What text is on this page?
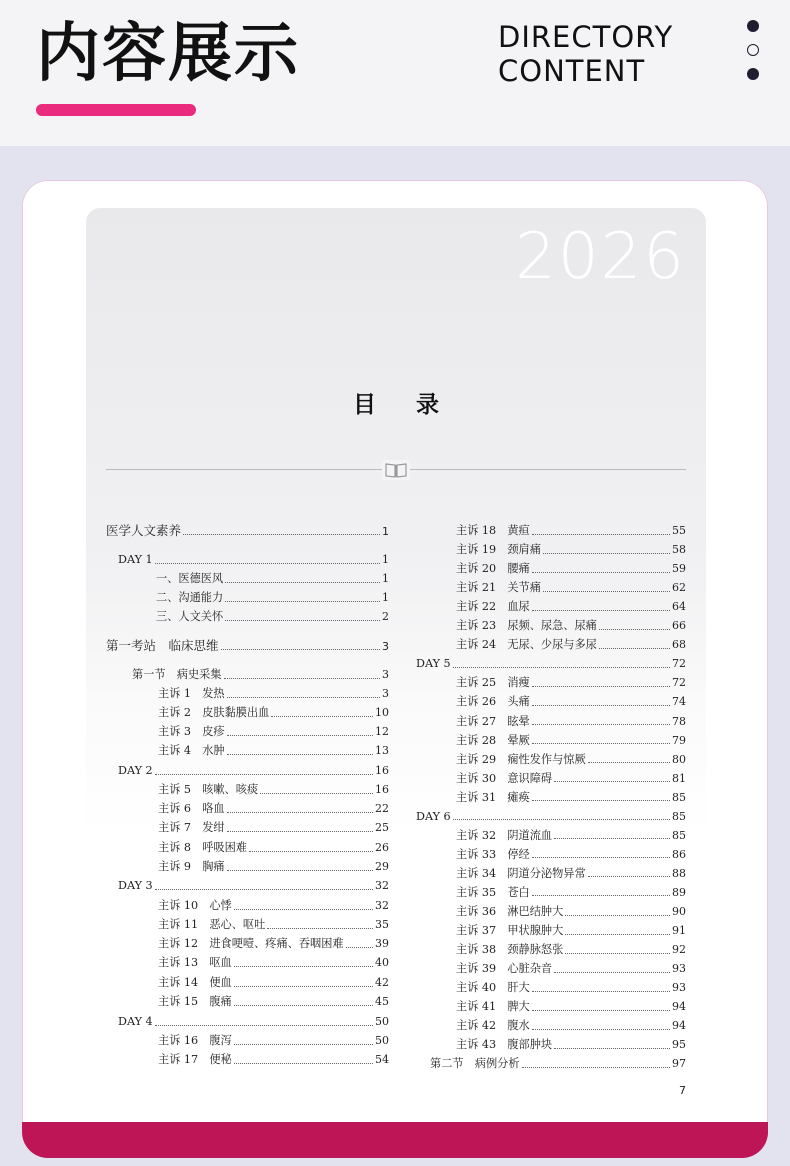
内容展示	DIRECTORY
CONTENT
2026
目录
医学人文素养	1
DAY 1	1
一、医德医风	1
二、沟通能力	1
三、人文关怀	2
第一考站　临床思维	3
第一节　病史采集	3
主诉 1　发热	3
主诉 2　皮肤黏膜出血	10
主诉 3　皮疹	12
主诉 4　水肿	13
DAY 2	16
主诉 5　咳嗽、咳痰	16
主诉 6　咯血	22
主诉 7　发绀	25
主诉 8　呼吸困难	26
主诉 9　胸痛	29
DAY 3	32
主诉 10　心悸	32
主诉 11　恶心、呕吐	35
主诉 12　进食哽噎、疼痛、吞咽困难	39
主诉 13　呕血	40
主诉 14　便血	42
主诉 15　腹痛	45
DAY 4	50
主诉 16　腹泻	50
主诉 17　便秘	54
主诉 18　黄疸	55
主诉 19　颈肩痛	58
主诉 20　腰痛	59
主诉 21　关节痛	62
主诉 22　血尿	64
主诉 23　尿频、尿急、尿痛	66
主诉 24　无尿、少尿与多尿	68
DAY 5	72
主诉 25　消瘦	72
主诉 26　头痛	74
主诉 27　眩晕	78
主诉 28　晕厥	79
主诉 29　痫性发作与惊厥	80
主诉 30　意识障碍	81
主诉 31　瘫痪	85
DAY 6	85
主诉 32　阴道流血	85
主诉 33　停经	86
主诉 34　阴道分泌物异常	88
主诉 35　苍白	89
主诉 36　淋巴结肿大	90
主诉 37　甲状腺肿大	91
主诉 38　颈静脉怒张	92
主诉 39　心脏杂音	93
主诉 40　肝大	93
主诉 41　脾大	94
主诉 42　腹水	94
主诉 43　腹部肿块	95
第二节　病例分析	97
7
